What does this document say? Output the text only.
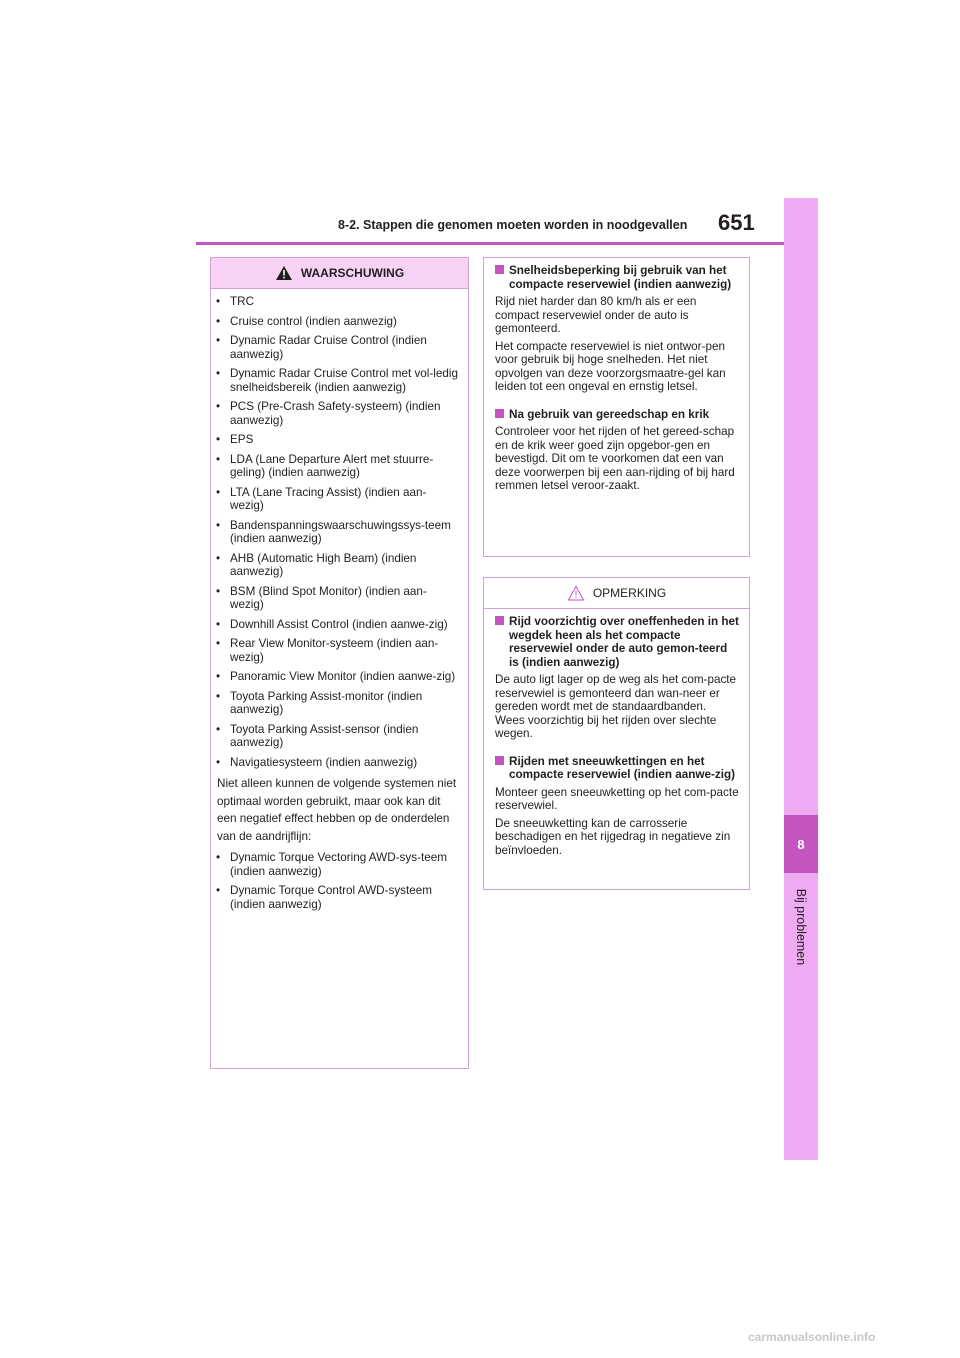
8-2. Stappen die genomen moeten worden in noodgevallen	651
8
Bij problemen
WAARSCHUWING
• TRC
• Cruise control (indien aanwezig)
• Dynamic Radar Cruise Control (indien aanwezig)
• Dynamic Radar Cruise Control met vol-ledig snelheidsbereik (indien aanwezig)
• PCS (Pre-Crash Safety-systeem) (indien aanwezig)
• EPS
• LDA (Lane Departure Alert met stuurre-geling) (indien aanwezig)
• LTA (Lane Tracing Assist) (indien aan-wezig)
• Bandenspanningswaarschuwingssys-teem (indien aanwezig)
• AHB (Automatic High Beam) (indien aanwezig)
• BSM (Blind Spot Monitor) (indien aan-wezig)
• Downhill Assist Control (indien aanwe-zig)
• Rear View Monitor-systeem (indien aan-wezig)
• Panoramic View Monitor (indien aanwe-zig)
• Toyota Parking Assist-monitor (indien aanwezig)
• Toyota Parking Assist-sensor (indien aanwezig)
• Navigatiesysteem (indien aanwezig)
Niet alleen kunnen de volgende systemen niet optimaal worden gebruikt, maar ook kan dit een negatief effect hebben op de onderdelen van de aandrijflijn:
• Dynamic Torque Vectoring AWD-sys-teem (indien aanwezig)
• Dynamic Torque Control AWD-systeem (indien aanwezig)
Snelheidsbeperking bij gebruik van het compacte reservewiel (indien aanwezig)
Rijd niet harder dan 80 km/h als er een compact reservewiel onder de auto is gemonteerd.
Het compacte reservewiel is niet ontwor-pen voor gebruik bij hoge snelheden. Het niet opvolgen van deze voorzorgsmaatre-gel kan leiden tot een ongeval en ernstig letsel.
Na gebruik van gereedschap en krik
Controleer voor het rijden of het gereed-schap en de krik weer goed zijn opgebor-gen en bevestigd. Dit om te voorkomen dat een van deze voorwerpen bij een aan-rijding of bij hard remmen letsel veroor-zaakt.
OPMERKING
Rijd voorzichtig over oneffenheden in het wegdek heen als het compacte reservewiel onder de auto gemon-teerd is (indien aanwezig)
De auto ligt lager op de weg als het com-pacte reservewiel is gemonteerd dan wan-neer er gereden wordt met de standaardbanden. Wees voorzichtig bij het rijden over slechte wegen.
Rijden met sneeuwkettingen en het compacte reservewiel (indien aanwe-zig)
Monteer geen sneeuwketting op het com-pacte reservewiel.
De sneeuwketting kan de carrosserie beschadigen en het rijgedrag in negatieve zin beïnvloeden.
carmanualsonline.info
